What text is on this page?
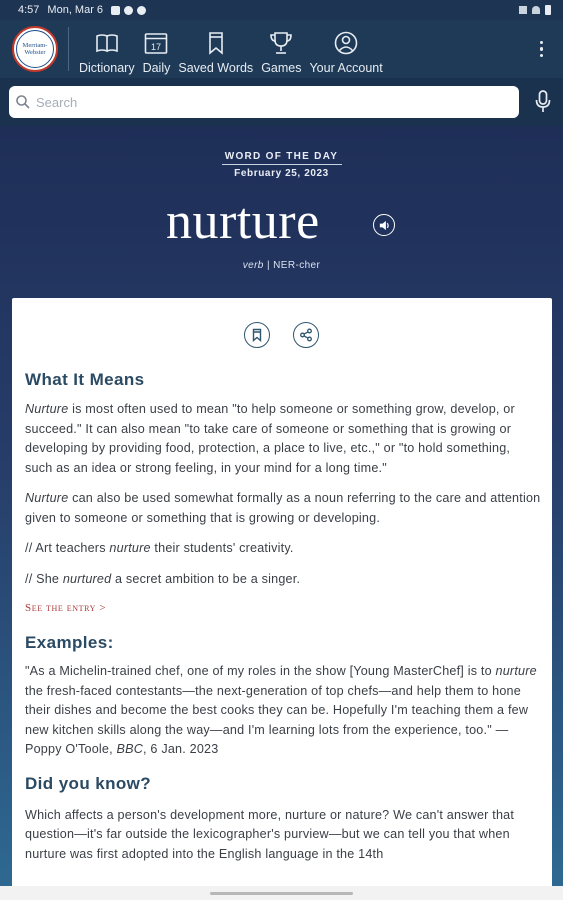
4:57 Mon, Mar 6
Merriam-
Webster
Dictionary
17
Daily Saved Words Games Your Account
Search
WORD OF THE DAY
February 25, 2023
nurture
verb | NER-cher
What It Means

Nurture is most often used to mean "to help someone or something grow, develop, or succeed." It can also mean "to take care of someone or something that is growing or developing by providing food, protection, a place to live, etc.," or "to hold something, such as an idea or strong feeling, in your mind for a long time."

Nurture can also be used somewhat formally as a noun referring to the care and attention given to someone or something that is growing or developing.

// Art teachers nurture their students' creativity.

// She nurtured a secret ambition to be a singer.

See the entry >
Examples:

"As a Michelin-trained chef, one of my roles in the show [Young MasterChef] is to nurture the fresh-faced contestants—the next-generation of top chefs—and help them to hone their dishes and become the best cooks they can be. Hopefully I'm teaching them a few new kitchen skills along the way—and I'm learning lots from the experience, too." — Poppy O'Toole, BBC, 6 Jan. 2023

Did you know?

Which affects a person's development more, nurture or nature? We can't answer that question—it's far outside the lexicographer's purview—but we can tell you that when nurture was first adopted into the English language in the 14th
